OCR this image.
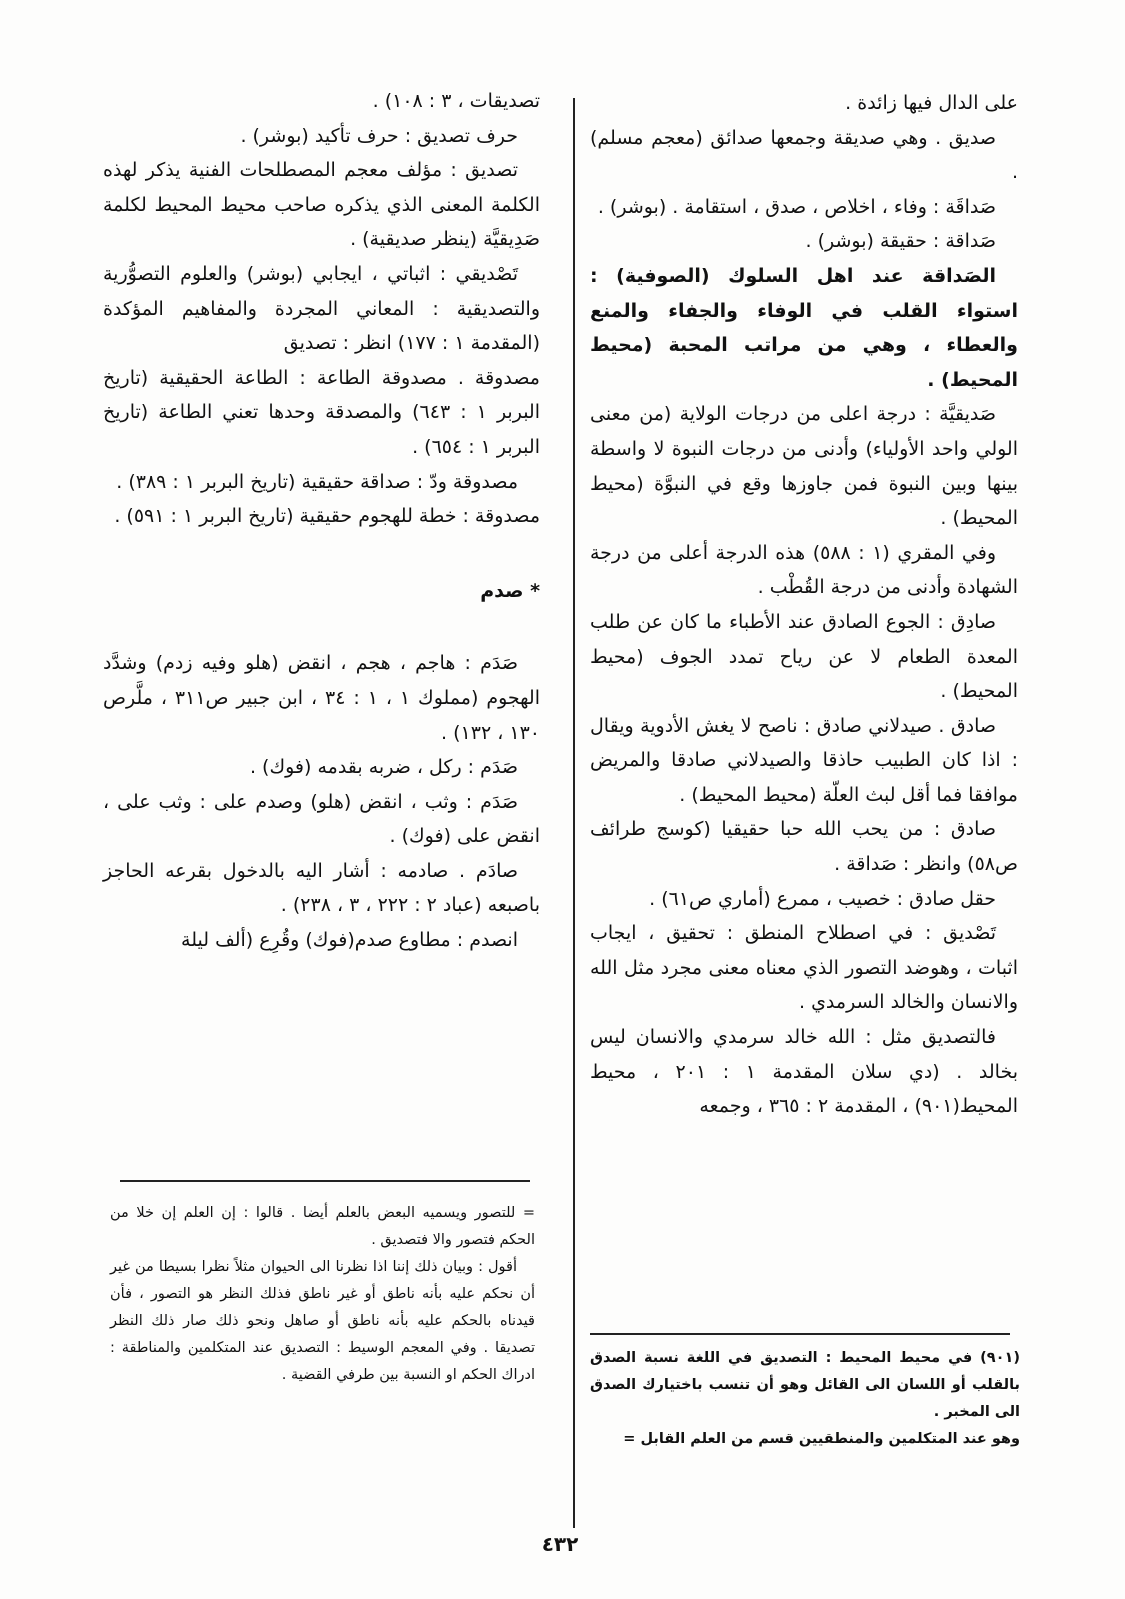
على الدال فيها زائدة .

صديق . وهي صديقة وجمعها صدائق (معجم مسلم) .

صَداقَة : وفاء ، اخلاص ، صدق ، استقامة . (بوشر) .

صَداقة : حقيقة (بوشر) .

الصَداقة عند اهل السلوك (الصوفية) : استواء القلب في الوفاء والجفاء والمنع والعطاء ، وهي من مراتب المحبة (محيط المحيط) .

صَديقيَّة : درجة اعلى من درجات الولاية (من معنى الولي واحد الأولياء) وأدنى من درجات النبوة لا واسطة بينها وبين النبوة فمن جاوزها وقع في النبوَّة (محيط المحيط) .

وفي المقري (١ : ٥٨٨) هذه الدرجة أعلى من درجة الشهادة وأدنى من درجة القُطْب .

صادِق : الجوع الصادق عند الأطباء ما كان عن طلب المعدة الطعام لا عن رياح تمدد الجوف (محيط المحيط) .

صادق . صيدلاني صادق : ناصح لا يغش الأدوية ويقال : اذا كان الطبيب حاذقا والصيدلاني صادقا والمريض موافقا فما أقل لبث العلّة (محيط المحيط) .

صادق : من يحب الله حبا حقيقيا (كوسج طرائف ص٥٨) وانظر : صَداقة .

حقل صادق : خصيب ، ممرع (أماري ص٦١) .

تَصْديق : في اصطلاح المنطق : تحقيق ، ايجاب اثبات ، وهوضد التصور الذي معناه معنى مجرد مثل الله والانسان والخالد السرمدي .

فالتصديق مثل : الله خالد سرمدي والانسان ليس بخالد . (دي سلان المقدمة ١ : ٢٠١ ، محيط المحيط(٩٠١) ، المقدمة ٢ : ٣٦٥ ، وجمعه

تصديقات ، ٣ : ١٠٨) .

حرف تصديق : حرف تأكيد (بوشر) .

تصديق : مؤلف معجم المصطلحات الفنية يذكر لهذه الكلمة المعنى الذي يذكره صاحب محيط المحيط لكلمة صَدِيقيَّة (ينظر صديقية) .

تَصْديقي : اثباتي ، ايجابي (بوشر) والعلوم التصوُّرية والتصديقية : المعاني المجردة والمفاهيم المؤكدة (المقدمة ١ : ١٧٧) انظر : تصديق

مصدوقة . مصدوقة الطاعة : الطاعة الحقيقية (تاريخ البربر ١ : ٦٤٣) والمصدقة وحدها تعني الطاعة (تاريخ البربر ١ : ٦٥٤) .

مصدوقة ودّ : صداقة حقيقية (تاريخ البربر ١ : ٣٨٩) .

مصدوقة : خطة للهجوم حقيقية (تاريخ البربر ١ : ٥٩١) .

* صدم

صَدَم : هاجم ، هجم ، انقض (هلو وفيه زدم) وشدَّد الهجوم (مملوك ١ ، ١ : ٣٤ ، ابن جبير ص٣١١ ، ملَّرص ١٣٠ ، ١٣٢) .

صَدَم : ركل ، ضربه بقدمه (فوك) .

صَدَم : وثب ، انقض (هلو) وصدم على : وثب على ، انقض على (فوك) .

صادَم . صادمه : أشار اليه بالدخول بقرعه الحاجز باصبعه (عباد ٢ : ٢٢٢ ، ٣ ، ٢٣٨) .

انصدم : مطاوع صدم(فوك) وقُرِع (ألف ليلة

= للتصور ويسميه البعض بالعلم أيضا . قالوا : إن العلم إن خلا من الحكم فتصور والا فتصديق .

أقول : وبيان ذلك إننا اذا نظرنا الى الحيوان مثلاً نظرا بسيطا من غير أن نحكم عليه بأنه ناطق أو غير ناطق فذلك النظر هو التصور ، فأن قيدناه بالحكم عليه بأنه ناطق أو صاهل ونحو ذلك صار ذلك النظر تصديقا . وفي المعجم الوسيط : التصديق عند المتكلمين والمناطقة : ادراك الحكم او النسبة بين طرفي القضية .

(٩٠١) في محيط المحيط : التصديق في اللغة نسبة الصدق بالقلب أو اللسان الى القائل وهو أن تنسب باختيارك الصدق الى المخبر .

وهو عند المتكلمين والمنطقيين قسم من العلم القابل =

٤٣٢
